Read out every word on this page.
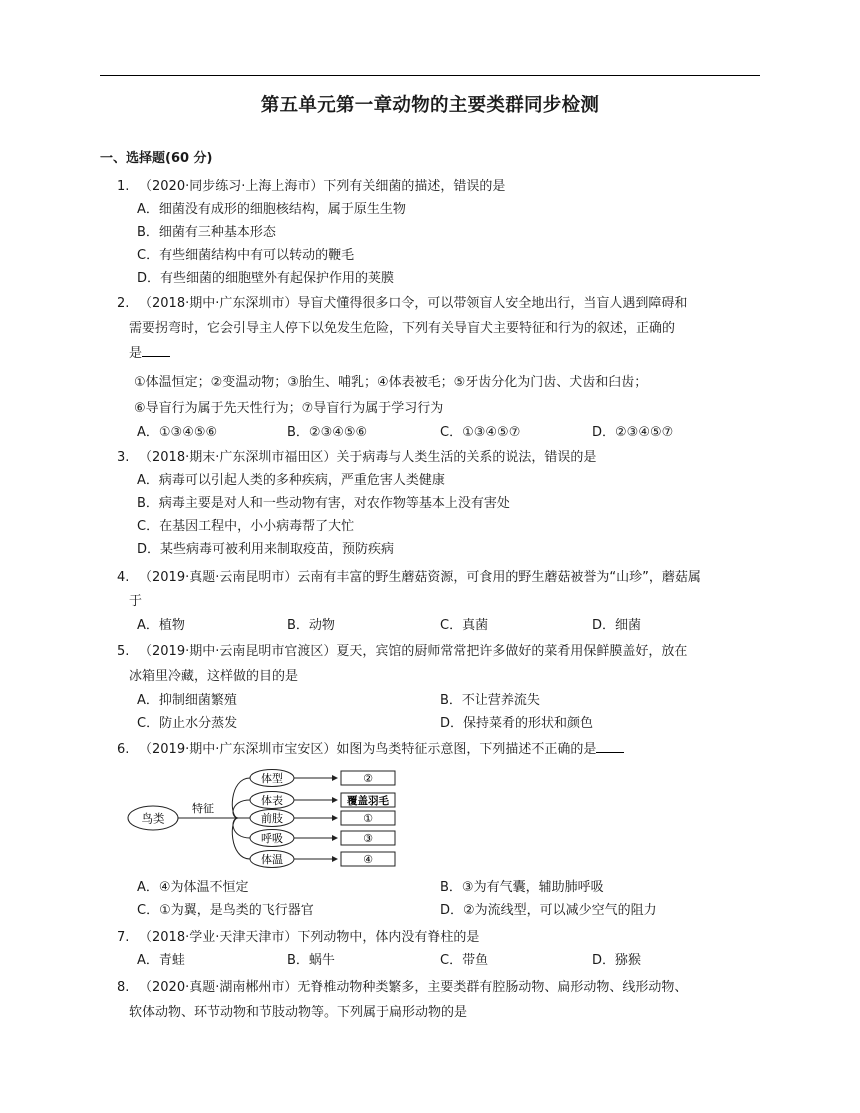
第五单元第一章动物的主要类群同步检测
一、选择题(60 分)
1. （2020·同步练习·上海上海市）下列有关细菌的描述，错误的是
A．细菌没有成形的细胞核结构，属于原生生物
B．细菌有三种基本形态
C．有些细菌结构中有可以转动的鞭毛
D．有些细菌的细胞壁外有起保护作用的荚膜
2. （2018·期中·广东深圳市）导盲犬懂得很多口令，可以带领盲人安全地出行，当盲人遇到障碍和
需要拐弯时，它会引导主人停下以免发生危险，下列有关导盲犬主要特征和行为的叙述，正确的
是
①体温恒定；②变温动物；③胎生、哺乳；④体表被毛；⑤牙齿分化为门齿、犬齿和臼齿；
⑥导盲行为属于先天性行为；⑦导盲行为属于学习行为
A．①③④⑤⑥	B．②③④⑤⑥	C．①③④⑤⑦	D．②③④⑤⑦
3. （2018·期末·广东深圳市福田区）关于病毒与人类生活的关系的说法，错误的是
A．病毒可以引起人类的多种疾病，严重危害人类健康
B．病毒主要是对人和一些动物有害，对农作物等基本上没有害处
C．在基因工程中，小小病毒帮了大忙
D．某些病毒可被利用来制取疫苗，预防疾病
4. （2019·真题·云南昆明市）云南有丰富的野生蘑菇资源，可食用的野生蘑菇被誉为“山珍”，蘑菇属
于
A．植物	B．动物	C．真菌	D．细菌
5. （2019·期中·云南昆明市官渡区）夏天，宾馆的厨师常常把许多做好的菜肴用保鲜膜盖好，放在
冰箱里冷藏，这样做的目的是
A．抑制细菌繁殖	B．不让营养流失
C．防止水分蒸发	D．保持菜肴的形状和颜色
6. （2019·期中·广东深圳市宝安区）如图为鸟类特征示意图，下列描述不正确的是
鸟类
特征
体型
体表
前肢
呼吸
体温
②
覆盖羽毛
①
③
④
A．④为体温不恒定	B．③为有气囊，辅助肺呼吸
C．①为翼，是鸟类的飞行器官	D．②为流线型，可以减少空气的阻力
7. （2018·学业·天津天津市）下列动物中，体内没有脊柱的是
A．青蛙	B．蜗牛	C．带鱼	D．猕猴
8. （2020·真题·湖南郴州市）无脊椎动物种类繁多，主要类群有腔肠动物、扁形动物、线形动物、
软体动物、环节动物和节肢动物等。下列属于扁形动物的是
